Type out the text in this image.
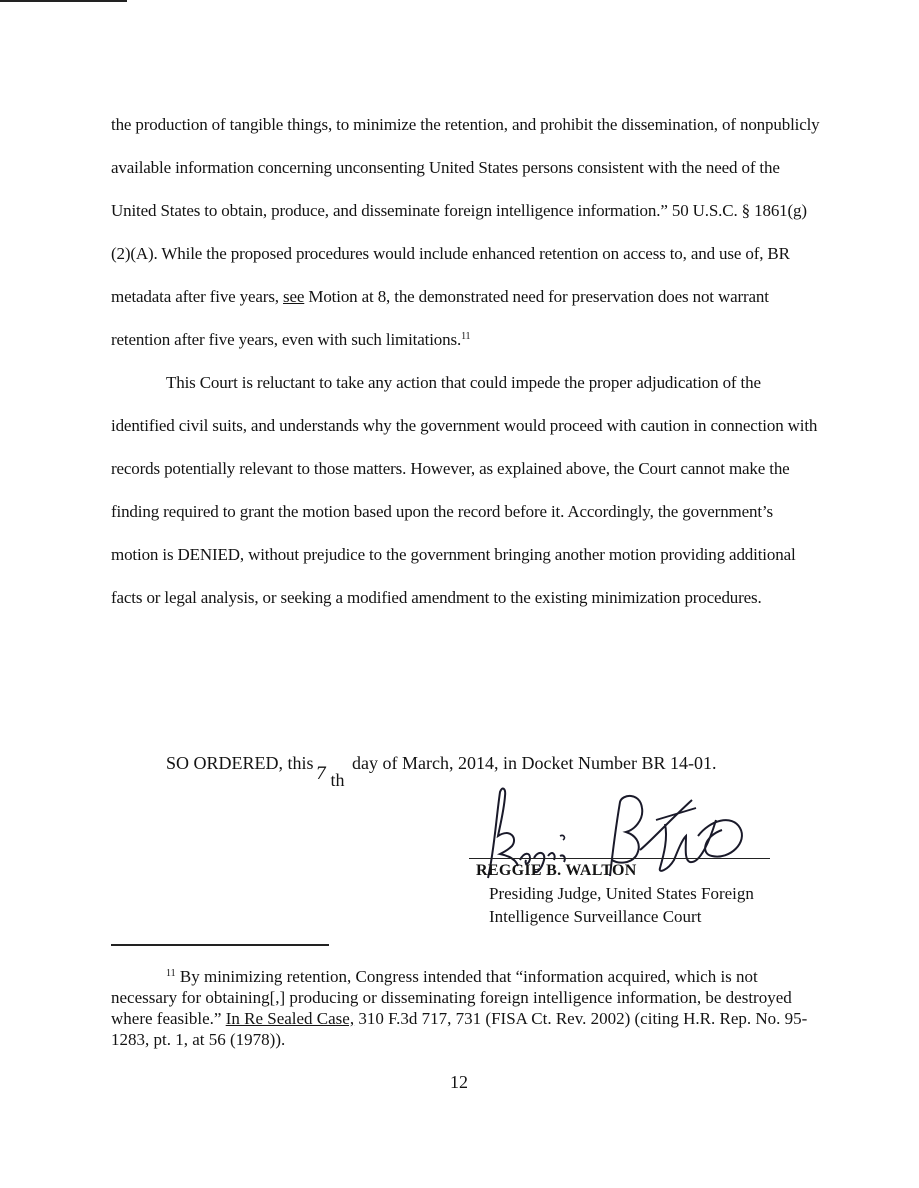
the production of tangible things, to minimize the retention, and prohibit the dissemination, of nonpublicly available information concerning unconsenting United States persons consistent with the need of the United States to obtain, produce, and disseminate foreign intelligence information.” 50 U.S.C. § 1861(g)(2)(A). While the proposed procedures would include enhanced retention on access to, and use of, BR metadata after five years, see Motion at 8, the demonstrated need for preservation does not warrant retention after five years, even with such limitations.$^{11}$

This Court is reluctant to take any action that could impede the proper adjudication of the identified civil suits, and understands why the government would proceed with caution in connection with records potentially relevant to those matters. However, as explained above, the Court cannot make the finding required to grant the motion based upon the record before it. Accordingly, the government’s motion is DENIED, without prejudice to the government bringing another motion providing additional facts or legal analysis, or seeking a modified amendment to the existing minimization procedures.

SO ORDERED, this
7 th
day of March, 2014, in Docket Number BR 14-01.
REGGIE B. WALTON
Presiding Judge, United States Foreign
Intelligence Surveillance Court

$^{11}$ By minimizing retention, Congress intended that “information acquired, which is not necessary for obtaining[,] producing or disseminating foreign intelligence information, be destroyed where feasible.” In Re Sealed Case, 310 F.3d 717, 731 (FISA Ct. Rev. 2002) (citing H.R. Rep. No. 95-1283, pt. 1, at 56 (1978)).

12
